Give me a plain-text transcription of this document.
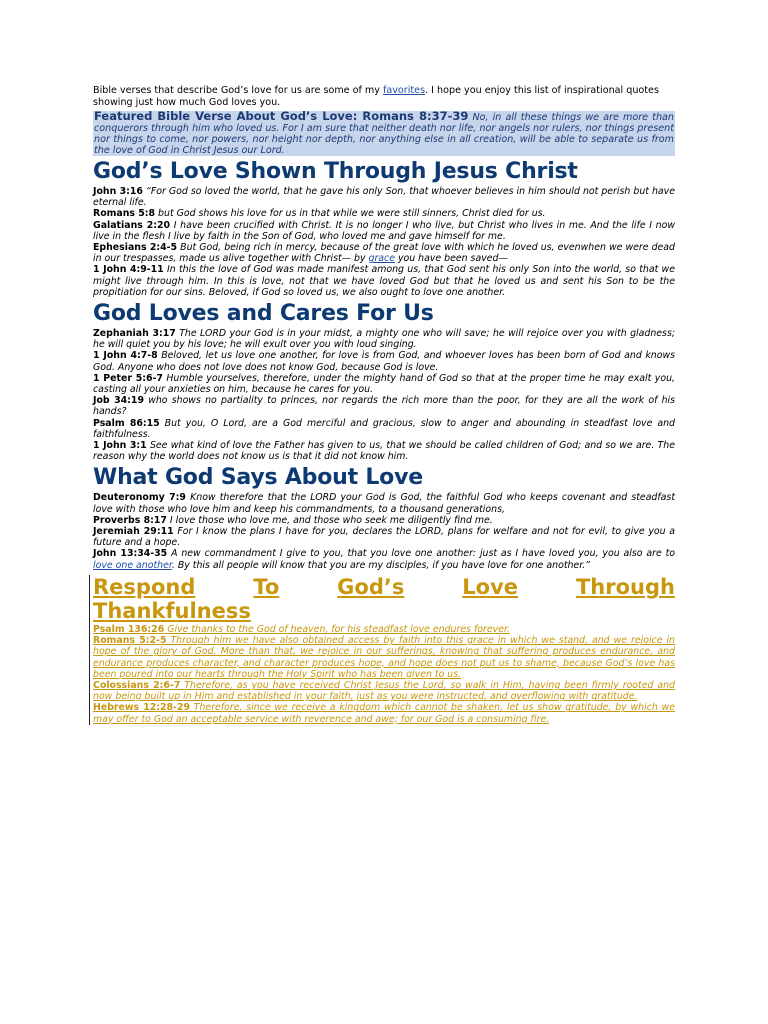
Bible verses that describe God’s love for us are some of my favorites. I hope you enjoy this list of inspirational quotes showing just how much God loves you.

Featured Bible Verse About God’s Love: Romans 8:37-39 No, in all these things we are more than conquerors through him who loved us. For I am sure that neither death nor life, nor angels nor rulers, nor things present nor things to come, nor powers, nor height nor depth, nor anything else in all creation, will be able to separate us from the love of God in Christ Jesus our Lord.
God’s Love Shown Through Jesus Christ

John 3:16 “For God so loved the world, that he gave his only Son, that whoever believes in him should not perish but have eternal life.

Romans 5:8 but God shows his love for us in that while we were still sinners, Christ died for us.

Galatians 2:20 I have been crucified with Christ. It is no longer I who live, but Christ who lives in me. And the life I now live in the flesh I live by faith in the Son of God, who loved me and gave himself for me.

Ephesians 2:4-5 But God, being rich in mercy, because of the great love with which he loved us, evenwhen we were dead in our trespasses, made us alive together with Christ— by grace you have been saved—

1 John 4:9-11 In this the love of God was made manifest among us, that God sent his only Son into the world, so that we might live through him. In this is love, not that we have loved God but that he loved us and sent his Son to be the propitiation for our sins. Beloved, if God so loved us, we also ought to love one another.

God Loves and Cares For Us

Zephaniah 3:17 The LORD your God is in your midst, a mighty one who will save; he will rejoice over you with gladness; he will quiet you by his love; he will exult over you with loud singing.

1 John 4:7-8 Beloved, let us love one another, for love is from God, and whoever loves has been born of God and knows God. Anyone who does not love does not know God, because God is love.

1 Peter 5:6-7 Humble yourselves, therefore, under the mighty hand of God so that at the proper time he may exalt you, casting all your anxieties on him, because he cares for you.

Job 34:19 who shows no partiality to princes, nor regards the rich more than the poor, for they are all the work of his hands?

Psalm 86:15 But you, O Lord, are a God merciful and gracious, slow to anger and abounding in steadfast love and faithfulness.

1 John 3:1 See what kind of love the Father has given to us, that we should be called children of God; and so we are. The reason why the world does not know us is that it did not know him.

What God Says About Love

Deuteronomy 7:9 Know therefore that the LORD your God is God, the faithful God who keeps covenant and steadfast love with those who love him and keep his commandments, to a thousand generations,

Proverbs 8:17 I love those who love me, and those who seek me diligently find me.

Jeremiah 29:11 For I know the plans I have for you, declares the LORD, plans for welfare and not for evil, to give you a future and a hope.

John 13:34-35 A new commandment I give to you, that you love one another: just as I have loved you, you also are to love one another. By this all people will know that you are my disciples, if you have love for one another.”

Respond	To	God’s	Love	Through
Thankfulness

Psalm 136:26 Give thanks to the God of heaven, for his steadfast love endures forever.

Romans 5:2-5 Through him we have also obtained access by faith into this grace in which we stand, and we rejoice in hope of the glory of God. More than that, we rejoice in our sufferings, knowing that suffering produces endurance, and endurance produces character, and character produces hope, and hope does not put us to shame, because God’s love has been poured into our hearts through the Holy Spirit who has been given to us.

Colossians 2:6-7 Therefore, as you have received Christ Jesus the Lord, so walk in Him, having been firmly rooted and now being built up in Him and established in your faith, just as you were instructed, and overflowing with gratitude.

Hebrews 12:28-29 Therefore, since we receive a kingdom which cannot be shaken, let us show gratitude, by which we may offer to God an acceptable service with reverence and awe; for our God is a consuming fire.
